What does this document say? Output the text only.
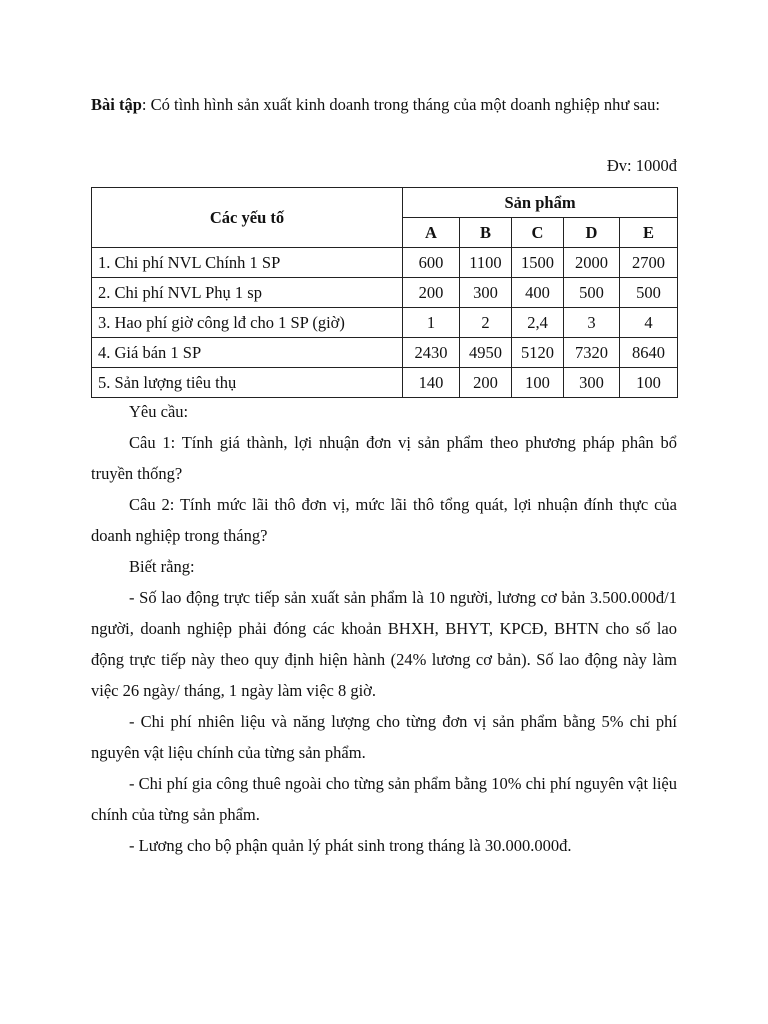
Bài tập: Có tình hình sản xuất kinh doanh trong tháng của một doanh nghiệp như sau:

Đv: 1000đ
Các yếu tố	Sản phẩm				
	A	B	C	D	E
1. Chi phí NVL Chính 1 SP	600	1100	1500	2000	2700
2. Chi phí NVL Phụ 1 sp	200	300	400	500	500
3. Hao phí giờ công lđ cho 1 SP (giờ)	1	2	2,4	3	4
4. Giá bán 1 SP	2430	4950	5120	7320	8640
5. Sản lượng tiêu thụ	140	200	100	300	100

Yêu cầu:

Câu 1: Tính giá thành, lợi nhuận đơn vị sản phẩm theo phương pháp phân bổ truyền thống?

Câu 2: Tính mức lãi thô đơn vị, mức lãi thô tổng quát, lợi nhuận đính thực của doanh nghiệp trong tháng?

Biết rằng:

- Số lao động trực tiếp sản xuất sản phẩm là 10 người, lương cơ bản 3.500.000đ/1 người, doanh nghiệp phải đóng các khoản BHXH, BHYT, KPCĐ, BHTN cho số lao động trực tiếp này theo quy định hiện hành (24% lương cơ bản). Số lao động này làm việc 26 ngày/ tháng, 1 ngày làm việc 8 giờ.

- Chi phí nhiên liệu và năng lượng cho từng đơn vị sản phẩm bằng 5% chi phí nguyên vật liệu chính của từng sản phẩm.

- Chi phí gia công thuê ngoài cho từng sản phẩm bằng 10% chi phí nguyên vật liệu chính của từng sản phẩm.

- Lương cho bộ phận quản lý phát sinh trong tháng là 30.000.000đ.
